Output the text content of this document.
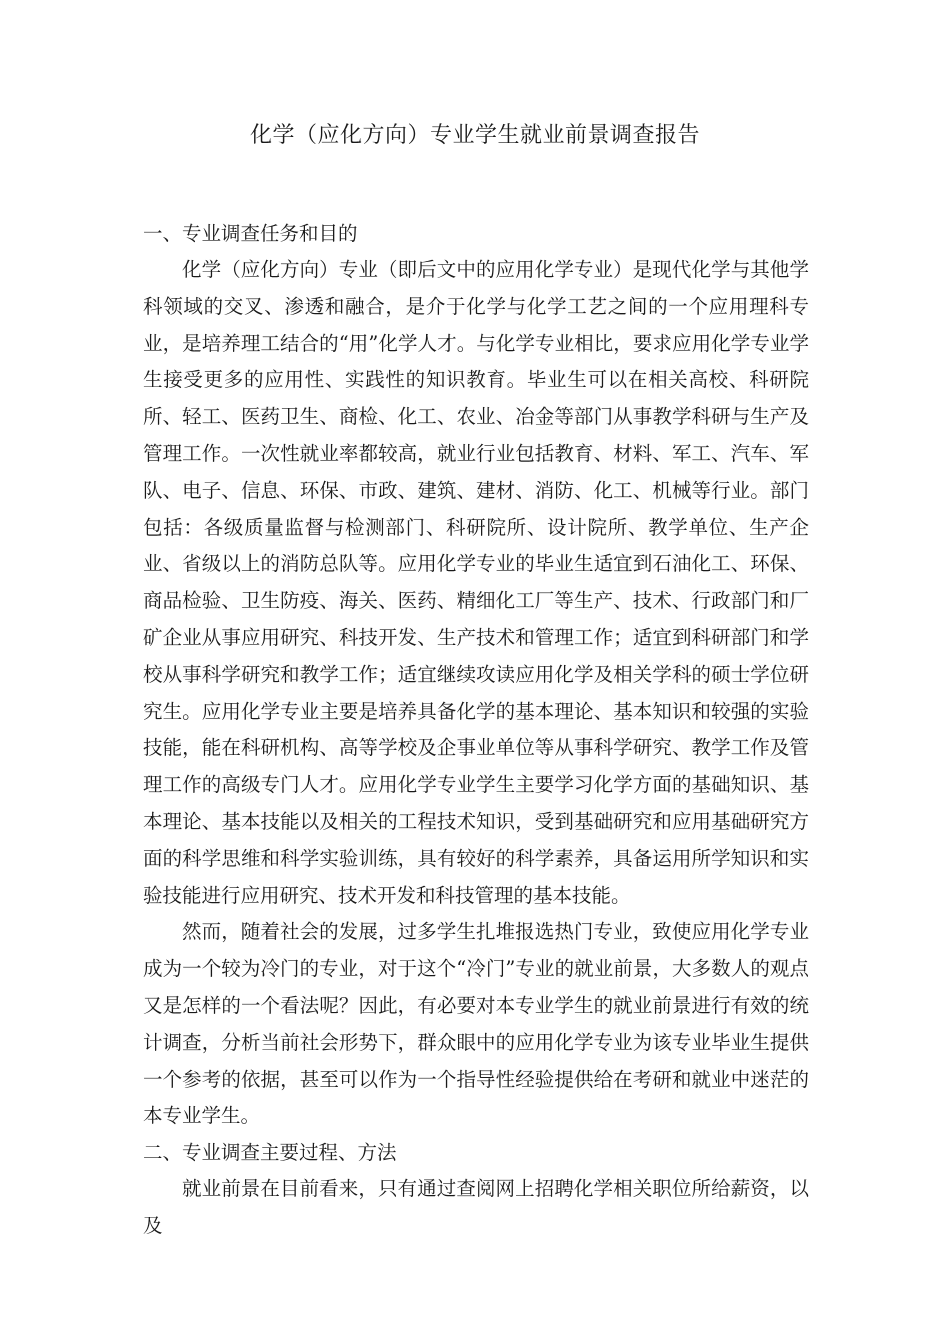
化学（应化方向）专业学生就业前景调查报告
一、专业调查任务和目的

化学（应化方向）专业（即后文中的应用化学专业）是现代化学与其他学科领域的交叉、渗透和融合，是介于化学与化学工艺之间的一个应用理科专业，是培养理工结合的“用”化学人才。与化学专业相比，要求应用化学专业学生接受更多的应用性、实践性的知识教育。毕业生可以在相关高校、科研院所、轻工、医药卫生、商检、化工、农业、冶金等部门从事教学科研与生产及管理工作。一次性就业率都较高，就业行业包括教育、材料、军工、汽车、军队、电子、信息、环保、市政、建筑、建材、消防、化工、机械等行业。部门包括：各级质量监督与检测部门、科研院所、设计院所、教学单位、生产企业、省级以上的消防总队等。应用化学专业的毕业生适宜到石油化工、环保、商品检验、卫生防疫、海关、医药、精细化工厂等生产、技术、行政部门和厂矿企业从事应用研究、科技开发、生产技术和管理工作；适宜到科研部门和学校从事科学研究和教学工作；适宜继续攻读应用化学及相关学科的硕士学位研究生。应用化学专业主要是培养具备化学的基本理论、基本知识和较强的实验技能，能在科研机构、高等学校及企事业单位等从事科学研究、教学工作及管理工作的高级专门人才。应用化学专业学生主要学习化学方面的基础知识、基本理论、基本技能以及相关的工程技术知识，受到基础研究和应用基础研究方面的科学思维和科学实验训练，具有较好的科学素养，具备运用所学知识和实验技能进行应用研究、技术开发和科技管理的基本技能。

然而，随着社会的发展，过多学生扎堆报选热门专业，致使应用化学专业成为一个较为冷门的专业，对于这个“冷门”专业的就业前景，大多数人的观点又是怎样的一个看法呢？因此，有必要对本专业学生的就业前景进行有效的统计调查，分析当前社会形势下，群众眼中的应用化学专业为该专业毕业生提供一个参考的依据，甚至可以作为一个指导性经验提供给在考研和就业中迷茫的本专业学生。

二、专业调查主要过程、方法

就业前景在目前看来，只有通过查阅网上招聘化学相关职位所给薪资，以及
